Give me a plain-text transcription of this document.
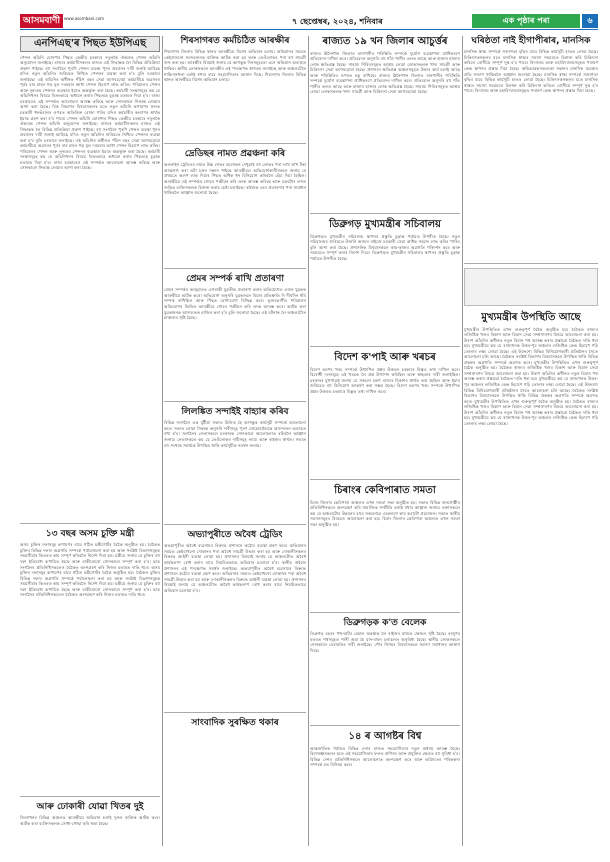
আসমবাণী www.asombani.com	৭ ছেপ্তেম্বৰ, ২০২৪, শনিবাৰ	এক পৃষ্ঠাৰ পৰা	৬
এনপিএছ'ৰ পিছত ইউপিএছ
পেন্সন আঁচনি ঘোষণাৰ পিছত কেন্দ্ৰীয় চৰকাৰে নতুনকৈ ঐক্যবদ্ধ পেন্সন আঁচনি অনুমোদন জনাইছে। ৰাজ্যৰ কৰ্মচাৰীসকলৰ মাজত এই সিদ্ধান্তক লৈ বিভিন্ন প্ৰতিক্ৰিয়া প্ৰকাশ পাইছে। বহু সংগঠনে পুৰণি পেন্সন ব্যৱস্থা পুনৰ প্ৰবৰ্তনৰ দাবী জনাই আহিছে যদিও নতুন আঁচনিৰ জৰিয়তে নিশ্চিত পেন্সনৰ ব্যৱস্থা কৰা হ'ব বুলি চৰকাৰে জনাইছে। এই আঁচনিৰ অধীনত পঁচিশ বছৰ সেৱা আগবঢ়োৱা কৰ্মচাৰীয়ে অৱসৰৰ পূৰ্বৰ বাৰ মাহৰ গড় মূল দৰমহাৰ আধা পেন্সন হিচাপে লাভ কৰিব। পৰিয়ালৰ পেন্সন আৰু নূন্যতম পেন্সনৰ ব্যৱস্থাও ইয়াত অন্তৰ্ভুক্ত কৰা হৈছে। কৰ্মচাৰী সংস্থাসমূহে কয় যে আঁচনিখনৰ বিষয়ে বিতংভাৱে অধ্যয়ন কৰাৰ পিছতহে চূড়ান্ত মতামত দিয়া হ'ব। ৰাজ্য চৰকাৰেও এই সম্পৰ্কত আলোচনা আৰম্ভ কৰিছে আৰু সোনকালে সিদ্ধান্ত লোৱাৰ আশা কৰা হৈছে। বিত্ত বিভাগৰ বিষয়াসকলৰ মতে নতুন আঁচনি ৰূপায়ণৰ ফলত চৰকাৰী ধনভঁৰালৰ ওপৰত অতিৰিক্ত বোজা পৰিব যদিও কৰ্মচাৰীৰ কল্যাণৰ স্বাৰ্থত ইয়াক গ্ৰহণ কৰা হ'ব পাৰে। পেন্সন আঁচনি ঘোষণাৰ পিছত কেন্দ্ৰীয় চৰকাৰে নতুনকৈ ঐক্যবদ্ধ পেন্সন আঁচনি অনুমোদন জনাইছে। ৰাজ্যৰ কৰ্মচাৰীসকলৰ মাজত এই সিদ্ধান্তক লৈ বিভিন্ন প্ৰতিক্ৰিয়া প্ৰকাশ পাইছে। বহু সংগঠনে পুৰণি পেন্সন ব্যৱস্থা পুনৰ প্ৰবৰ্তনৰ দাবী জনাই আহিছে যদিও নতুন আঁচনিৰ জৰিয়তে নিশ্চিত পেন্সনৰ ব্যৱস্থা কৰা হ'ব বুলি চৰকাৰে জনাইছে। এই আঁচনিৰ অধীনত পঁচিশ বছৰ সেৱা আগবঢ়োৱা কৰ্মচাৰীয়ে অৱসৰৰ পূৰ্বৰ বাৰ মাহৰ গড় মূল দৰমহাৰ আধা পেন্সন হিচাপে লাভ কৰিব। পৰিয়ালৰ পেন্সন আৰু নূন্যতম পেন্সনৰ ব্যৱস্থাও ইয়াত অন্তৰ্ভুক্ত কৰা হৈছে। কৰ্মচাৰী সংস্থাসমূহে কয় যে আঁচনিখনৰ বিষয়ে বিতংভাৱে অধ্যয়ন কৰাৰ পিছতহে চূড়ান্ত মতামত দিয়া হ'ব। ৰাজ্য চৰকাৰেও এই সম্পৰ্কত আলোচনা আৰম্ভ কৰিছে আৰু সোনকালে সিদ্ধান্ত লোৱাৰ আশা কৰা হৈছে।
১৩ বছৰ অসম চুক্তি মন্ত্ৰী
অসম চুক্তিৰ দফাসমূহ ৰূপায়ণৰ বাবে গঠিত মন্ত্ৰীগোটৰ বৈঠক অনুষ্ঠিত হয়। বৈঠকত চুক্তিৰ বিভিন্ন দফাৰ অগ্ৰগতি সম্পৰ্কে পৰ্যালোচনা কৰা হয় আৰু সংশ্লিষ্ট বিভাগসমূহক সময়সীমাৰ ভিতৰত কাম সম্পূৰ্ণ কৰিবলৈ নিৰ্দেশ দিয়া হয়। মন্ত্ৰীয়ে জনায় যে চুক্তিৰ বহু দফা ইতিমধ্যে ৰূপায়িত হৈছে আৰু বাকীবোৰো সোনকালে সম্পূৰ্ণ কৰা হ'ব। ছাত্ৰ সংগঠনৰ প্ৰতিনিধিসকলেও বৈঠকত অংশগ্ৰহণ কৰি নিজৰ মতামত দাঙি ধৰে। অসম চুক্তিৰ দফাসমূহ ৰূপায়ণৰ বাবে গঠিত মন্ত্ৰীগোটৰ বৈঠক অনুষ্ঠিত হয়। বৈঠকত চুক্তিৰ বিভিন্ন দফাৰ অগ্ৰগতি সম্পৰ্কে পৰ্যালোচনা কৰা হয় আৰু সংশ্লিষ্ট বিভাগসমূহক সময়সীমাৰ ভিতৰত কাম সম্পূৰ্ণ কৰিবলৈ নিৰ্দেশ দিয়া হয়। মন্ত্ৰীয়ে জনায় যে চুক্তিৰ বহু দফা ইতিমধ্যে ৰূপায়িত হৈছে আৰু বাকীবোৰো সোনকালে সম্পূৰ্ণ কৰা হ'ব। ছাত্ৰ সংগঠনৰ প্ৰতিনিধিসকলেও বৈঠকত অংশগ্ৰহণ কৰি নিজৰ মতামত দাঙি ধৰে।
আৰু ঢোকাৰী যোৱা খিতৰ দুই
জিলাখনৰ বিভিন্ন অঞ্চলত আৰক্ষীয়ে অভিযান চলাই দুজন ব্যক্তিক আটক কৰে। আটক কৰা ব্যক্তিসকলক সোধা-পোছা কৰি থকা হৈছে।
শিৰসাগৰত কৰ্মচিঠিত আৰক্ষীৰ
শিৱসাগৰ জিলাৰ বিভিন্ন স্থানত আৰক্ষীয়ে বিশেষ অভিযান চলায়। অভিযানৰ সময়ত কেইবাজনো সন্দেহজনক ব্যক্তিক আটক কৰা হয় আৰু তেওঁলোকৰ পৰা বহু সামগ্ৰী জব্দ কৰা হয়। আৰক্ষীৰ বিষয়াই জনায় যে আগন্তুক দিনসমূহতো এনে অভিযান অব্যাহত থাকিব। স্থানীয় লোকসকলে আৰক্ষীৰ এই পদক্ষেপক স্বাগতম জনাইছে আৰু অঞ্চলটোত শান্তি-শৃংখলা বৰ্তাই ৰখাৰ বাবে সহযোগিতাৰ আশ্বাস দিছে। শিৱসাগৰ জিলাৰ বিভিন্ন স্থানত আৰক্ষীয়ে বিশেষ অভিযান চলায়।
দ্ৰেডিছৰ নামত প্ৰৱঞ্চনা কৰি
অনলাইন ট্ৰেডিঙৰ নামত উচ্চ লাভৰ প্ৰলোভন দেখুৱাই বহু লোকৰ পৰা লাখ লাখ টকা আত্মসাৎ কৰা এটা চক্ৰৰ সন্ধান পাইছে আৰক্ষীয়ে। অভিযোগকাৰীসকলে জনায় যে প্ৰথমতে অলপ লাভ দিয়াৰ পিছত অধিক ধন বিনিয়োগ কৰিবলৈ হেঁচা দিয়া হৈছিল। আৰক্ষীয়ে এই সম্পৰ্কত গোচৰ পঞ্জীয়ন কৰি তদন্ত আৰম্ভ কৰিছে আৰু চক্ৰটোৰ লগত জড়িত ব্যক্তিসকলক চিনাক্ত কৰাৰ চেষ্টা চলাইছে। ৰাইজক এনে প্ৰতাৰণাৰ পৰা সাৱধান থাকিবলৈ আহ্বান জনোৱা হৈছে।
প্ৰেমৰ সম্পৰ্ক ৰাখি প্ৰতাৰণা
প্ৰেমৰ সম্পৰ্কৰ অজুহাতত এগৰাকী যুৱতীক প্ৰতাৰণা কৰাৰ অভিযোগত এজন যুৱকক আৰক্ষীয়ে আটক কৰে। অভিযোগ অনুসৰি যুৱকজনে বিয়াৰ প্ৰতিশ্ৰুতি দি দীৰ্ঘদিন ধৰি সম্পৰ্ক ৰাখিছিল আৰু পিছত যোগাযোগ বিচ্ছিন্ন কৰে। ভুক্তভোগীৰ পৰিয়ালৰ অভিযোগৰ ভিত্তিত আৰক্ষীয়ে গোচৰ পঞ্জীয়ন কৰি তদন্ত আৰম্ভ কৰে। আটক কৰা যুৱকজনক আদালতত হাজিৰ কৰা হ'ব বুলি জনোৱা হৈছে। এই ঘটনাক লৈ অঞ্চলটোত চাঞ্চল্যৰ সৃষ্টি হৈছে।
লিলঙ্কিত সন্দাইই বাহ্যাৰ কৰিব
বিভিন্ন সংগঠনে এক যুটীয়া সভাত মিলিত হৈ আগন্তুক কাৰ্যসূচী সম্পৰ্কে আলোচনা কৰে। সভাত লোৱা সিদ্ধান্ত অনুসৰি দাবীসমূহ পূৰণ নোহোৱালৈকে আন্দোলন অব্যাহত ৰখা হ'ব। সংগঠনৰ নেতাসকলে চৰকাৰক সোনকালে আলোচনাত বহিবলৈ আহ্বান জনায়। নেতাসকলে কয় যে তেওঁলোকৰ দাবীসমূহ ন্যায্য আৰু ৰাইজৰ স্বাৰ্থত। সভাত বহু সংখ্যক সমৰ্থকে উপস্থিত থাকি কাৰ্যসূচীক সমৰ্থন জনায়।
অভ্যাপুৰীতে অবৈধ ট্ৰেডিং
অভয়াপুৰীত অবৈধ ব্যৱসায়ৰ বিৰুদ্ধে প্ৰশাসনে কঠোৰ ব্যৱস্থা গ্ৰহণ কৰে। অভিযানৰ সময়ত কেইবাখনো দোকানৰ পৰা অবৈধ সামগ্ৰী উদ্ধাৰ কৰা হয় আৰু দোকানীসকলৰ বিৰুদ্ধে আইনী ব্যৱস্থা লোৱা হয়। প্ৰশাসনৰ বিষয়াই জনায় যে অঞ্চলটোত অবৈধ কাৰ্যকলাপ ৰোধ কৰাৰ বাবে নিয়মিতভাৱে অভিযান চলোৱা হ'ব। স্থানীয় ৰাইজে প্ৰশাসনৰ এই পদক্ষেপক সমৰ্থন জনাইছে। অভয়াপুৰীত অবৈধ ব্যৱসায়ৰ বিৰুদ্ধে প্ৰশাসনে কঠোৰ ব্যৱস্থা গ্ৰহণ কৰে। অভিযানৰ সময়ত কেইবাখনো দোকানৰ পৰা অবৈধ সামগ্ৰী উদ্ধাৰ কৰা হয় আৰু দোকানীসকলৰ বিৰুদ্ধে আইনী ব্যৱস্থা লোৱা হয়। প্ৰশাসনৰ বিষয়াই জনায় যে অঞ্চলটোত অবৈধ কাৰ্যকলাপ ৰোধ কৰাৰ বাবে নিয়মিতভাৱে অভিযান চলোৱা হ'ব।
সাংবাদিক সুৰক্ষিত থকাৰ
ৰাজ্যত ১৯ খন জিলাৰ আচুৰ্ত্তৰ
ৰাজ্যৰ ঊনৈশখন জিলাত বানপানীৰ পৰিস্থিতি সম্পৰ্কে দুৰ্যোগ ব্যৱস্থাপনা প্ৰাধিকৰণে প্ৰতিবেদন দাখিল কৰে। প্ৰতিবেদন অনুসৰি বহু গাঁও পানীৰ তলত আছে আৰু হাজাৰ হাজাৰ লোক ক্ষতিগ্ৰস্ত হৈছে। সাহায্য শিবিৰসমূহত আশ্ৰয় লোৱা লোকসকলক খাদ্য সামগ্ৰী আৰু চিকিৎসা সেৱা আগবঢ়োৱা হৈছে। প্ৰশাসনে ক্ষতিগ্ৰস্ত অঞ্চলসমূহত উদ্ধাৰ কাৰ্য চলাই আছে আৰু পৰিস্থিতিৰ ওপৰত চকু ৰাখিছে। ৰাজ্যৰ ঊনৈশখন জিলাত বানপানীৰ পৰিস্থিতি সম্পৰ্কে দুৰ্যোগ ব্যৱস্থাপনা প্ৰাধিকৰণে প্ৰতিবেদন দাখিল কৰে। প্ৰতিবেদন অনুসৰি বহু গাঁও পানীৰ তলত আছে আৰু হাজাৰ হাজাৰ লোক ক্ষতিগ্ৰস্ত হৈছে। সাহায্য শিবিৰসমূহত আশ্ৰয় লোৱা লোকসকলক খাদ্য সামগ্ৰী আৰু চিকিৎসা সেৱা আগবঢ়োৱা হৈছে।
ডিব্ৰুগড় মুখ্যমন্ত্ৰীৰ সচিবালয়
ডিব্ৰুগড়ত মুখ্যমন্ত্ৰীৰ সচিবালয় স্থাপনৰ প্ৰস্তুতি চূড়ান্ত পৰ্যায়ত উপনীত হৈছে। নতুন সচিবালয়ৰ জৰিয়তে উজনি অসমৰ ৰাইজে চৰকাৰী সেৱা অধিক সহজে লাভ কৰিব পাৰিব বুলি আশা কৰা হৈছে। প্ৰশাসনিক বিষয়াসকলে কাম-কাজৰ অগ্ৰগতি পৰিদৰ্শন কৰে আৰু সময়মতে সম্পূৰ্ণ কৰাৰ নিৰ্দেশ দিয়ে। ডিব্ৰুগড়ত মুখ্যমন্ত্ৰীৰ সচিবালয় স্থাপনৰ প্ৰস্তুতি চূড়ান্ত পৰ্যায়ত উপনীত হৈছে।
বিদেশ ক'পাই আৰু খৰচৰ
বিদেশ ভ্ৰমণৰ খৰচ সম্পৰ্কে উত্থাপিত প্ৰশ্নৰ উত্তৰত চৰকাৰে বিস্তৃত তথ্য দাখিল কৰে। বিৰোধী দলসমূহে এই খৰচক লৈ প্ৰশ্ন উত্থাপন কৰিছিল আৰু স্বচ্ছতাৰ দাবী জনাইছিল। চৰকাৰৰ মুখপাত্ৰই জনায় যে সকলো ভ্ৰমণ ৰাজ্যৰ বিকাশৰ স্বাৰ্থত কৰা হৈছিল আৰু ইয়াৰ জৰিয়তে বহু বিনিয়োগ আকৰ্ষণ কৰা সম্ভৱ হৈছে। বিদেশ ভ্ৰমণৰ খৰচ সম্পৰ্কে উত্থাপিত প্ৰশ্নৰ উত্তৰত চৰকাৰে বিস্তৃত তথ্য দাখিল কৰে।
চিৰাংৰ কেবিপাৰাত সমতা
চিৰাং জিলাৰ কেবিপাৰা অঞ্চলত এখন সমতা সভা অনুষ্ঠিত হয়। সভাত বিভিন্ন জনগোষ্ঠীৰ প্ৰতিনিধিসকলে অংশগ্ৰহণ কৰি সামাজিক সম্প্ৰীতি বৰ্তাই ৰখাৰ আহ্বান জনায়। বক্তাসকলে কয় যে অঞ্চলটোৰ উন্নয়নৰ বাবে সকলোৱে একেলগে কাম কৰাটো প্ৰয়োজন। সভাত স্থানীয় সমস্যাসমূহৰ বিষয়েও আলোচনা কৰা হয়। চিৰাং জিলাৰ কেবিপাৰা অঞ্চলত এখন সমতা সভা অনুষ্ঠিত হয়।
ডিব্ৰুগড়ক ক'ত বেলেক
ডিব্ৰুগড় চহৰৰ পথ-ঘাটৰ বেহাল অৱস্থাক লৈ ৰাইজৰ মাজত ক্ষোভৰ সৃষ্টি হৈছে। বৰষুণৰ বতৰত পথসমূহত পানী জমা হৈ যান-বাহন চলাচলত অসুবিধা হৈছে। স্থানীয় লোকসকলে সোনকালে মেৰামতিৰ দাবী জনাইছে। পৌৰ নিগমৰ বিষয়াসকলে সমস্যা সমাধানৰ আশ্বাস দিছে।
১৪ ৰ আগষ্টৰ বিশ্ব
আন্তৰ্জাতিক পৰ্যায়ত বিভিন্ন দেশৰ মাজত সহযোগিতাৰ নতুন অধ্যায় আৰম্ভ হৈছে। বিশেষজ্ঞসকলৰ মতে এই সহযোগিতাৰ ফলত বাণিজ্য আৰু প্ৰযুক্তিৰ ক্ষেত্ৰত বহু সুবিধা হ'ব। বিভিন্ন দেশৰ প্ৰতিনিধিসকলে আলোচনাত অংশগ্ৰহণ কৰে আৰু ভৱিষ্যতৰ পৰিকল্পনা সম্পৰ্কে মত বিনিময় কৰে।
ঘৰিষ্ঠতা নাই হীগাপীৰাৰ, মানসিক
মানসিক স্বাস্থ্য সম্পৰ্কে সজাগতা বৃদ্ধিৰ বাবে বিভিন্ন কাৰ্যসূচী হাতত লোৱা হৈছে। চিকিৎসকসকলৰ মতে মানসিক স্বাস্থ্যৰ সমস্যা সময়মতে চিনাক্ত কৰি চিকিৎসা কৰিলে ৰোগীয়ে সম্পূৰ্ণ সুস্থ হ'ব পাৰে। বিদ্যালয় আৰু মহাবিদ্যালয়সমূহত পৰামৰ্শ কেন্দ্ৰ স্থাপনৰ প্ৰস্তাৱ দিয়া হৈছে। অভিভাৱকসকলকো সন্তানৰ মানসিক অৱস্থাৰ প্ৰতি সজাগ থাকিবলৈ আহ্বান জনোৱা হৈছে। মানসিক স্বাস্থ্য সম্পৰ্কে সজাগতা বৃদ্ধিৰ বাবে বিভিন্ন কাৰ্যসূচী হাতত লোৱা হৈছে। চিকিৎসকসকলৰ মতে মানসিক স্বাস্থ্যৰ সমস্যা সময়মতে চিনাক্ত কৰি চিকিৎসা কৰিলে ৰোগীয়ে সম্পূৰ্ণ সুস্থ হ'ব পাৰে। বিদ্যালয় আৰু মহাবিদ্যালয়সমূহত পৰামৰ্শ কেন্দ্ৰ স্থাপনৰ প্ৰস্তাৱ দিয়া হৈছে।
মুখ্যমন্ত্ৰীৰ উপস্থিতি আছে
মুখ্যমন্ত্ৰীৰ উপস্থিতিত এখন গুৰুত্বপূৰ্ণ বৈঠক অনুষ্ঠিত হয়। বৈঠকত ৰাজ্যৰ লজিষ্টিক খণ্ডৰ বিকাশ আৰু বিমান সেৱা সম্প্ৰসাৰণৰ বিষয়ে আলোচনা কৰা হয়। উৰাণ আঁচনিৰ অধীনত নতুন বিমান পথ আৰম্ভ কৰাৰ প্ৰস্তাৱো বৈঠকত দাঙি ধৰা হয়। মুখ্যমন্ত্ৰীয়ে কয় যে ৰাজ্যখনক উত্তৰ-পূব অঞ্চলৰ লজিষ্টিক কেন্দ্ৰ হিচাপে গঢ়ি তোলাৰ লক্ষ্য লোৱা হৈছে। এই উদ্দেশ্যে বিভিন্ন বিনিয়োগকাৰী প্ৰতিষ্ঠানৰ সৈতে আলোচনা চলি আছে। বৈঠকত সংশ্লিষ্ট বিভাগৰ বিষয়াসকলে উপস্থিত থাকি বিভিন্ন প্ৰকল্পৰ অগ্ৰগতি সম্পৰ্কে অৱগত কৰে। মুখ্যমন্ত্ৰীৰ উপস্থিতিত এখন গুৰুত্বপূৰ্ণ বৈঠক অনুষ্ঠিত হয়। বৈঠকত ৰাজ্যৰ লজিষ্টিক খণ্ডৰ বিকাশ আৰু বিমান সেৱা সম্প্ৰসাৰণৰ বিষয়ে আলোচনা কৰা হয়। উৰাণ আঁচনিৰ অধীনত নতুন বিমান পথ আৰম্ভ কৰাৰ প্ৰস্তাৱো বৈঠকত দাঙি ধৰা হয়। মুখ্যমন্ত্ৰীয়ে কয় যে ৰাজ্যখনক উত্তৰ-পূব অঞ্চলৰ লজিষ্টিক কেন্দ্ৰ হিচাপে গঢ়ি তোলাৰ লক্ষ্য লোৱা হৈছে। এই উদ্দেশ্যে বিভিন্ন বিনিয়োগকাৰী প্ৰতিষ্ঠানৰ সৈতে আলোচনা চলি আছে। বৈঠকত সংশ্লিষ্ট বিভাগৰ বিষয়াসকলে উপস্থিত থাকি বিভিন্ন প্ৰকল্পৰ অগ্ৰগতি সম্পৰ্কে অৱগত কৰে। মুখ্যমন্ত্ৰীৰ উপস্থিতিত এখন গুৰুত্বপূৰ্ণ বৈঠক অনুষ্ঠিত হয়। বৈঠকত ৰাজ্যৰ লজিষ্টিক খণ্ডৰ বিকাশ আৰু বিমান সেৱা সম্প্ৰসাৰণৰ বিষয়ে আলোচনা কৰা হয়। উৰাণ আঁচনিৰ অধীনত নতুন বিমান পথ আৰম্ভ কৰাৰ প্ৰস্তাৱো বৈঠকত দাঙি ধৰা হয়। মুখ্যমন্ত্ৰীয়ে কয় যে ৰাজ্যখনক উত্তৰ-পূব অঞ্চলৰ লজিষ্টিক কেন্দ্ৰ হিচাপে গঢ়ি তোলাৰ লক্ষ্য লোৱা হৈছে।
